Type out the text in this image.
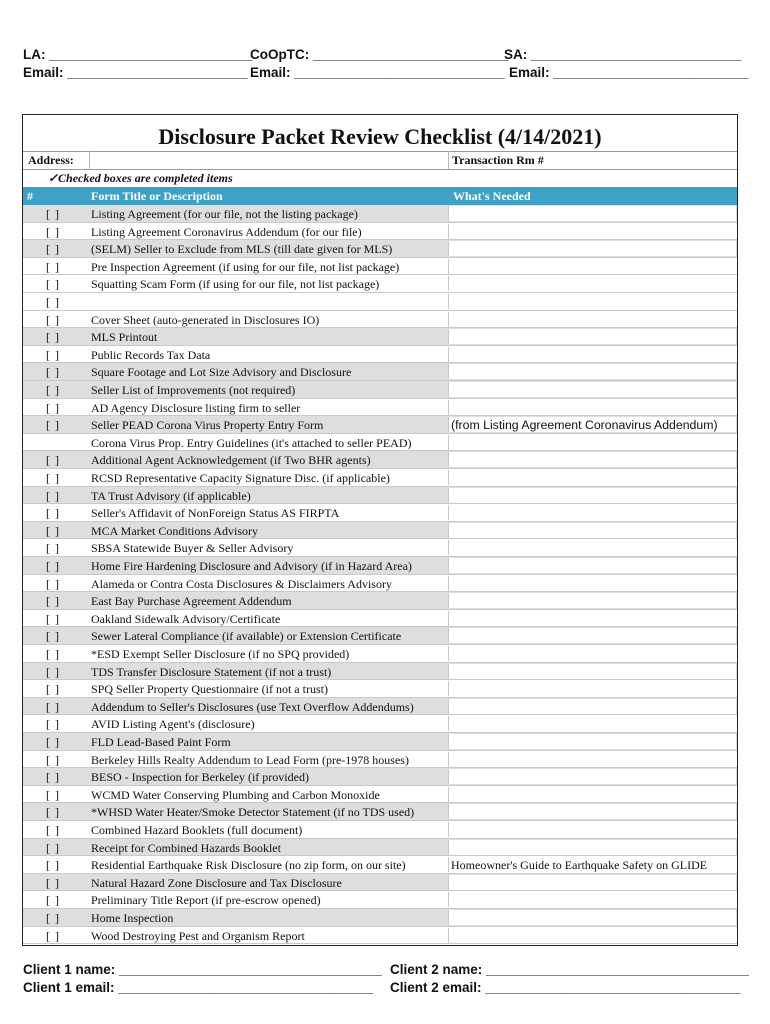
LA: ___________________________
CoOpTC: __________________________
SA: ____________________________
Email: ________________________ Email: ____________________________ Email: __________________________
Disclosure Packet Review Checklist (4/14/2021)
Address:	Transaction Rm #
✓Checked boxes are completed items
#	Form Title or Description	What's Needed
[ ]	Listing Agreement (for our file, not the listing package)
[ ]	Listing Agreement Coronavirus Addendum (for our file)
[ ]	(SELM) Seller to Exclude from MLS (till date given for MLS)
[ ]	Pre Inspection Agreement (if using for our file, not list package)
[ ]	Squatting Scam Form (if using for our file, not list package)
[ ]
[ ]	Cover Sheet (auto-generated in Disclosures IO)
[ ]	MLS Printout
[ ]	Public Records Tax Data
[ ]	Square Footage and Lot Size Advisory and Disclosure
[ ]	Seller List of Improvements (not required)
[ ]	AD Agency Disclosure listing firm to seller
[ ]	Seller PEAD Corona Virus Property Entry Form	(from Listing Agreement Coronavirus Addendum)
Corona Virus Prop. Entry Guidelines (it's attached to seller PEAD)
[ ]	Additional Agent Acknowledgement (if Two BHR agents)
[ ]	RCSD Representative Capacity Signature Disc. (if applicable)
[ ]	TA Trust Advisory (if applicable)
[ ]	Seller's Affidavit of NonForeign Status AS FIRPTA
[ ]	MCA Market Conditions Advisory
[ ]	SBSA Statewide Buyer & Seller Advisory
[ ]	Home Fire Hardening Disclosure and Advisory (if in Hazard Area)
[ ]	Alameda or Contra Costa Disclosures & Disclaimers Advisory
[ ]	East Bay Purchase Agreement Addendum
[ ]	Oakland Sidewalk Advisory/Certificate
[ ]	Sewer Lateral Compliance (if available) or Extension Certificate
[ ]	*ESD Exempt Seller Disclosure (if no SPQ provided)
[ ]	TDS Transfer Disclosure Statement (if not a trust)
[ ]	SPQ Seller Property Questionnaire (if not a trust)
[ ]	Addendum to Seller's Disclosures (use Text Overflow Addendums)
[ ]	AVID Listing Agent's (disclosure)
[ ]	FLD Lead-Based Paint Form
[ ]	Berkeley Hills Realty Addendum to Lead Form (pre-1978 houses)
[ ]	BESO - Inspection for Berkeley (if provided)
[ ]	WCMD Water Conserving Plumbing and Carbon Monoxide
[ ]	*WHSD Water Heater/Smoke Detector Statement (if no TDS used)
[ ]	Combined Hazard Booklets (full document)
[ ]	Receipt for Combined Hazards Booklet
[ ]	Residential Earthquake Risk Disclosure (no zip form, on our site)	Homeowner's Guide to Earthquake Safety on GLIDE
[ ]	Natural Hazard Zone Disclosure and Tax Disclosure
[ ]	Preliminary Title Report (if pre-escrow opened)
[ ]	Home Inspection
[ ]	Wood Destroying Pest and Organism Report
Client 1 name: ___________________________________
Client 1 email: __________________________________
Client 2 name: ___________________________________
Client 2 email: __________________________________
